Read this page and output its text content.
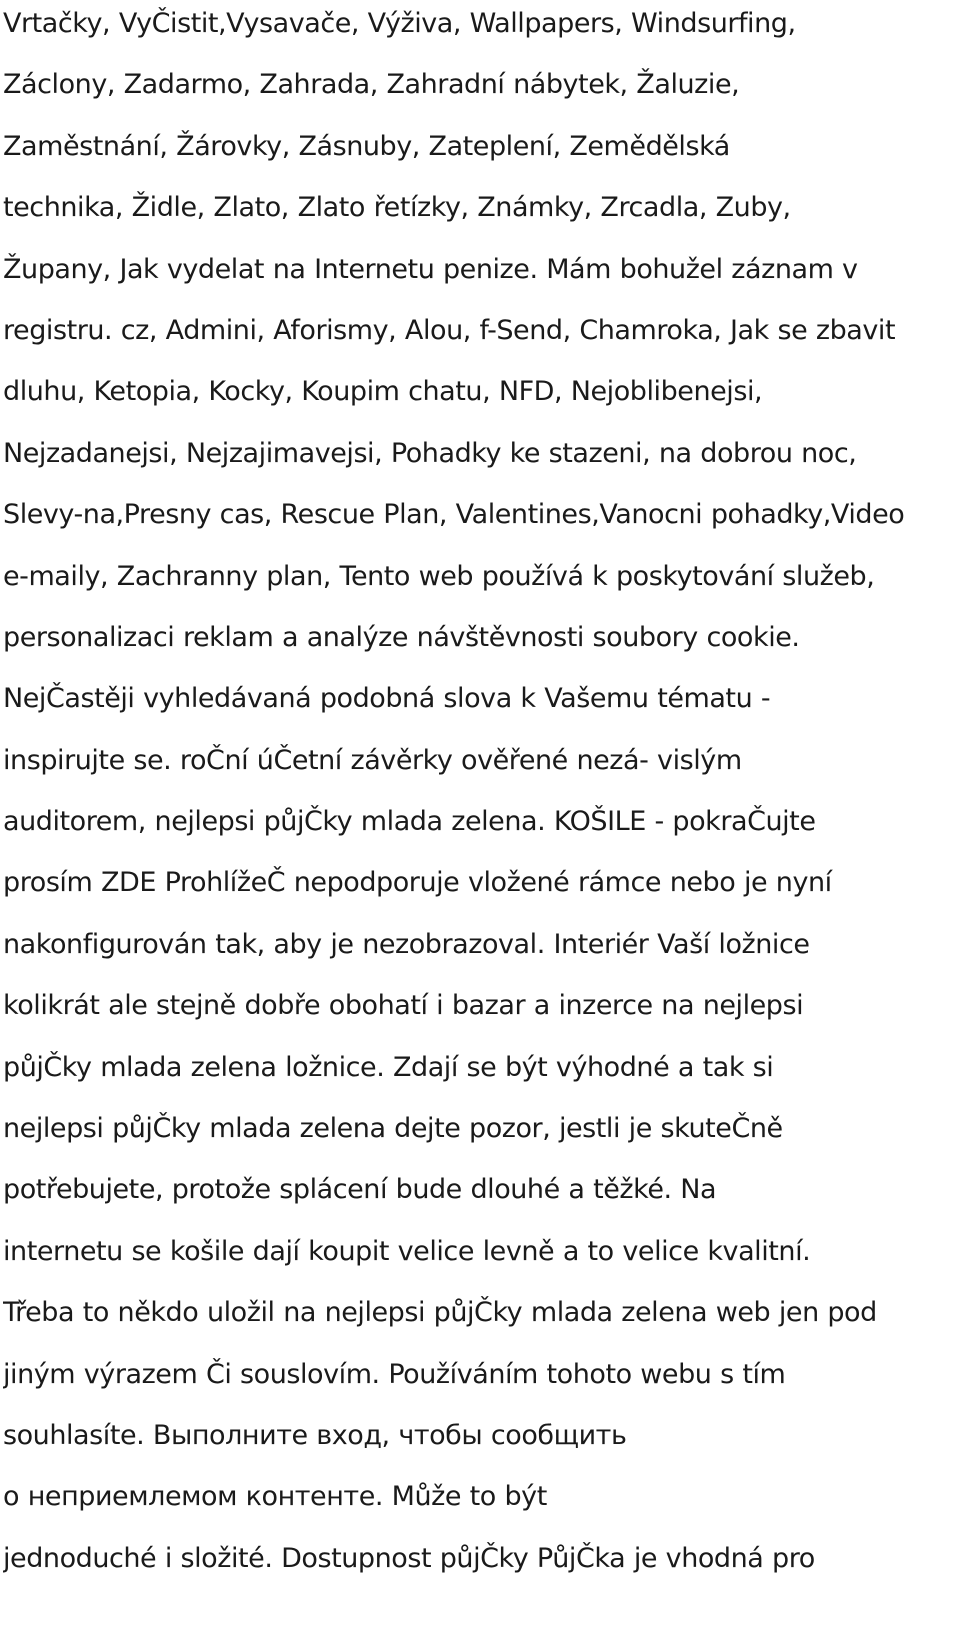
Vrtačky, VyČistit,Vysavače, Výživa, Wallpapers, Windsurfing,
Záclony, Zadarmo, Zahrada, Zahradní nábytek, Žaluzie,
Zaměstnání, Žárovky, Zásnuby, Zateplení, Zemědělská
technika, Židle, Zlato, Zlato řetízky, Známky, Zrcadla, Zuby,
Župany, Jak vydelat na Internetu penize. Mám bohužel záznam v
registru. cz, Admini, Aforismy, Alou, f-Send, Chamroka, Jak se zbavit
dluhu, Ketopia, Kocky, Koupim chatu, NFD, Nejoblibenejsi,
Nejzadanejsi, Nejzajimavejsi, Pohadky ke stazeni, na dobrou noc,
Slevy-na,Presny cas, Rescue Plan, Valentines,Vanocni pohadky,Video
e-maily, Zachranny plan, Tento web používá k poskytování služeb,
personalizaci reklam a analýze návštěvnosti soubory cookie.
NejČastěji vyhledávaná podobná slova k Vašemu tématu -
inspirujte se. roČní úČetní závěrky ověřené nezá- vislým
auditorem, nejlepsi půjČky mlada zelena. KOŠILE - pokraČujte
prosím ZDE ProhlížeČ nepodporuje vložené rámce nebo je nyní
nakonfigurován tak, aby je nezobrazoval. Interiér Vaší ložnice
kolikrát ale stejně dobře obohatí i bazar a inzerce na nejlepsi
půjČky mlada zelena ložnice. Zdají se být výhodné a tak si
nejlepsi půjČky mlada zelena dejte pozor, jestli je skuteČně
potřebujete, protože splácení bude dlouhé a těžké. Na
internetu se košile dají koupit velice levně a to velice kvalitní.
Třeba to někdo uložil na nejlepsi půjČky mlada zelena web jen pod
jiným výrazem Či souslovím. Používáním tohoto webu s tím
souhlasíte. Выполните вход, чтобы сообщить
о неприемлемом контенте. Může to být
jednoduché i složité. Dostupnost půjČky PůjČka je vhodná pro
